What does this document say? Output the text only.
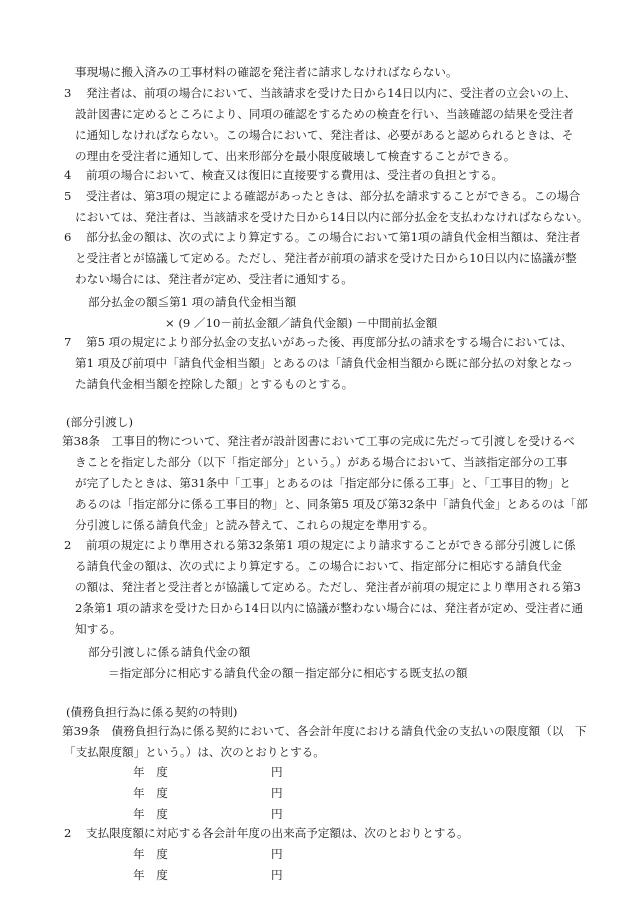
事現場に搬入済みの工事材料の確認を発注者に請求しなければならない。
3 発注者は、前項の場合において、当該請求を受けた日から14日以内に、受注者の立会いの上、
設計図書に定めるところにより、同項の確認をするための検査を行い、当該確認の結果を受注者
に通知しなければならない。この場合において、発注者は、必要があると認められるときは、そ
の理由を受注者に通知して、出来形部分を最小限度破壊して検査することができる。
4 前項の場合において、検査又は復旧に直接要する費用は、受注者の負担とする。
5 受注者は、第3項の規定による確認があったときは、部分払を請求することができる。この場合
においては、発注者は、当該請求を受けた日から14日以内に部分払金を支払わなければならない。
6 部分払金の額は、次の式により算定する。この場合において第1項の請負代金相当額は、発注者
と受注者とが協議して定める。ただし、発注者が前項の請求を受けた日から10日以内に協議が整
わない場合には、発注者が定め、受注者に通知する。
部分払金の額≦第1 項の請負代金相当額
× (9 ／10－前払金額／請負代金額) －中間前払金額
7 第5 項の規定により部分払金の支払いがあった後、再度部分払の請求をする場合においては、
第1 項及び前項中「請負代金相当額」とあるのは「請負代金相当額から既に部分払の対象となっ
た請負代金相当額を控除した額」とするものとする。
(部分引渡し)
第38条　工事目的物について、発注者が設計図書において工事の完成に先だって引渡しを受けるべ
きことを指定した部分（以下「指定部分」という。）がある場合において、当該指定部分の工事
が完了したときは、第31条中「工事」とあるのは「指定部分に係る工事」と、「工事目的物」と
あるのは「指定部分に係る工事目的物」と、同条第5 項及び第32条中「請負代金」とあるのは「部
分引渡しに係る請負代金」と読み替えて、これらの規定を準用する。
2 前項の規定により準用される第32条第1 項の規定により請求することができる部分引渡しに係
る請負代金の額は、次の式により算定する。この場合において、指定部分に相応する請負代金
の額は、発注者と受注者とが協議して定める。ただし、発注者が前項の規定により準用される第3
2条第1 項の請求を受けた日から14日以内に協議が整わない場合には、発注者が定め、受注者に通
知する。
部分引渡しに係る請負代金の額
＝指定部分に相応する請負代金の額－指定部分に相応する既支払の額
(債務負担行為に係る契約の特則)
第39条　債務負担行為に係る契約において、各会計年度における請負代金の支払いの限度額（以　下
「支払限度額」という。）は、次のとおりとする。
年　度	円
年　度	円
年　度	円
2 支払限度額に対応する各会計年度の出来高予定額は、次のとおりとする。
年　度	円
年　度	円
